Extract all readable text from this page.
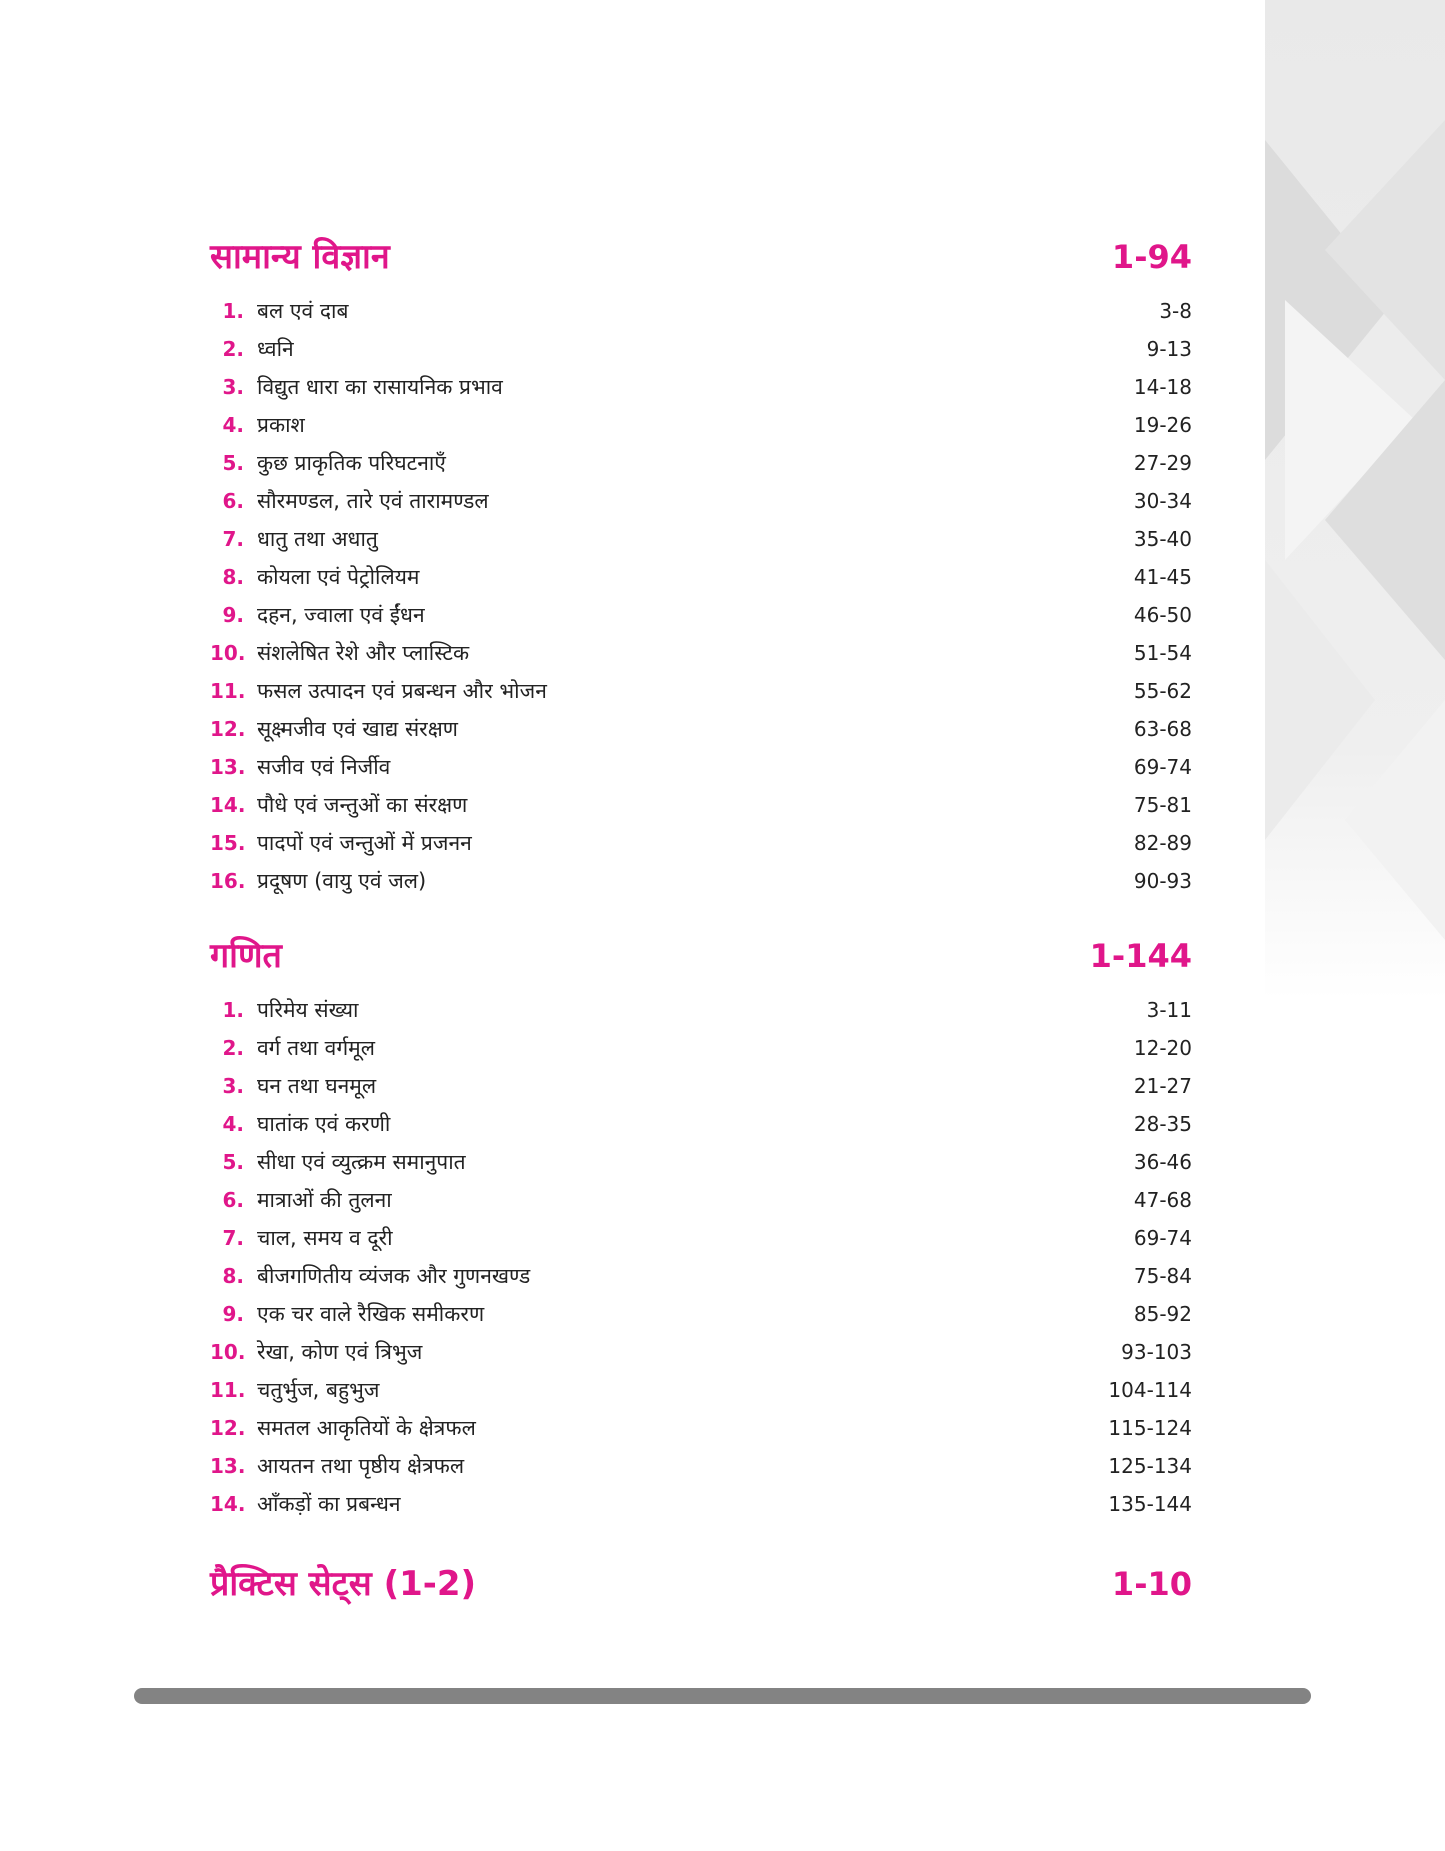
सामान्य विज्ञान	1-94
1. बल एवं दाब	3-8
2. ध्वनि	9-13
3. विद्युत धारा का रासायनिक प्रभाव	14-18
4. प्रकाश	19-26
5. कुछ प्राकृतिक परिघटनाएँ	27-29
6. सौरमण्डल, तारे एवं तारामण्डल	30-34
7. धातु तथा अधातु	35-40
8. कोयला एवं पेट्रोलियम	41-45
9. दहन, ज्वाला एवं ईंधन	46-50
10. संशलेषित रेशे और प्लास्टिक	51-54
11. फसल उत्पादन एवं प्रबन्धन और भोजन	55-62
12. सूक्ष्मजीव एवं खाद्य संरक्षण	63-68
13. सजीव एवं निर्जीव	69-74
14. पौधे एवं जन्तुओं का संरक्षण	75-81
15. पादपों एवं जन्तुओं में प्रजनन	82-89
16. प्रदूषण (वायु एवं जल)	90-93
गणित	1-144
1. परिमेय संख्या	3-11
2. वर्ग तथा वर्गमूल	12-20
3. घन तथा घनमूल	21-27
4. घातांक एवं करणी	28-35
5. सीधा एवं व्युत्क्रम समानुपात	36-46
6. मात्राओं की तुलना	47-68
7. चाल, समय व दूरी	69-74
8. बीजगणितीय व्यंजक और गुणनखण्ड	75-84
9. एक चर वाले रैखिक समीकरण	85-92
10. रेखा, कोण एवं त्रिभुज	93-103
11. चतुर्भुज, बहुभुज	104-114
12. समतल आकृतियों के क्षेत्रफल	115-124
13. आयतन तथा पृष्ठीय क्षेत्रफल	125-134
14. आँकड़ों का प्रबन्धन	135-144
प्रैक्टिस सेट्स (1-2)	1-10
